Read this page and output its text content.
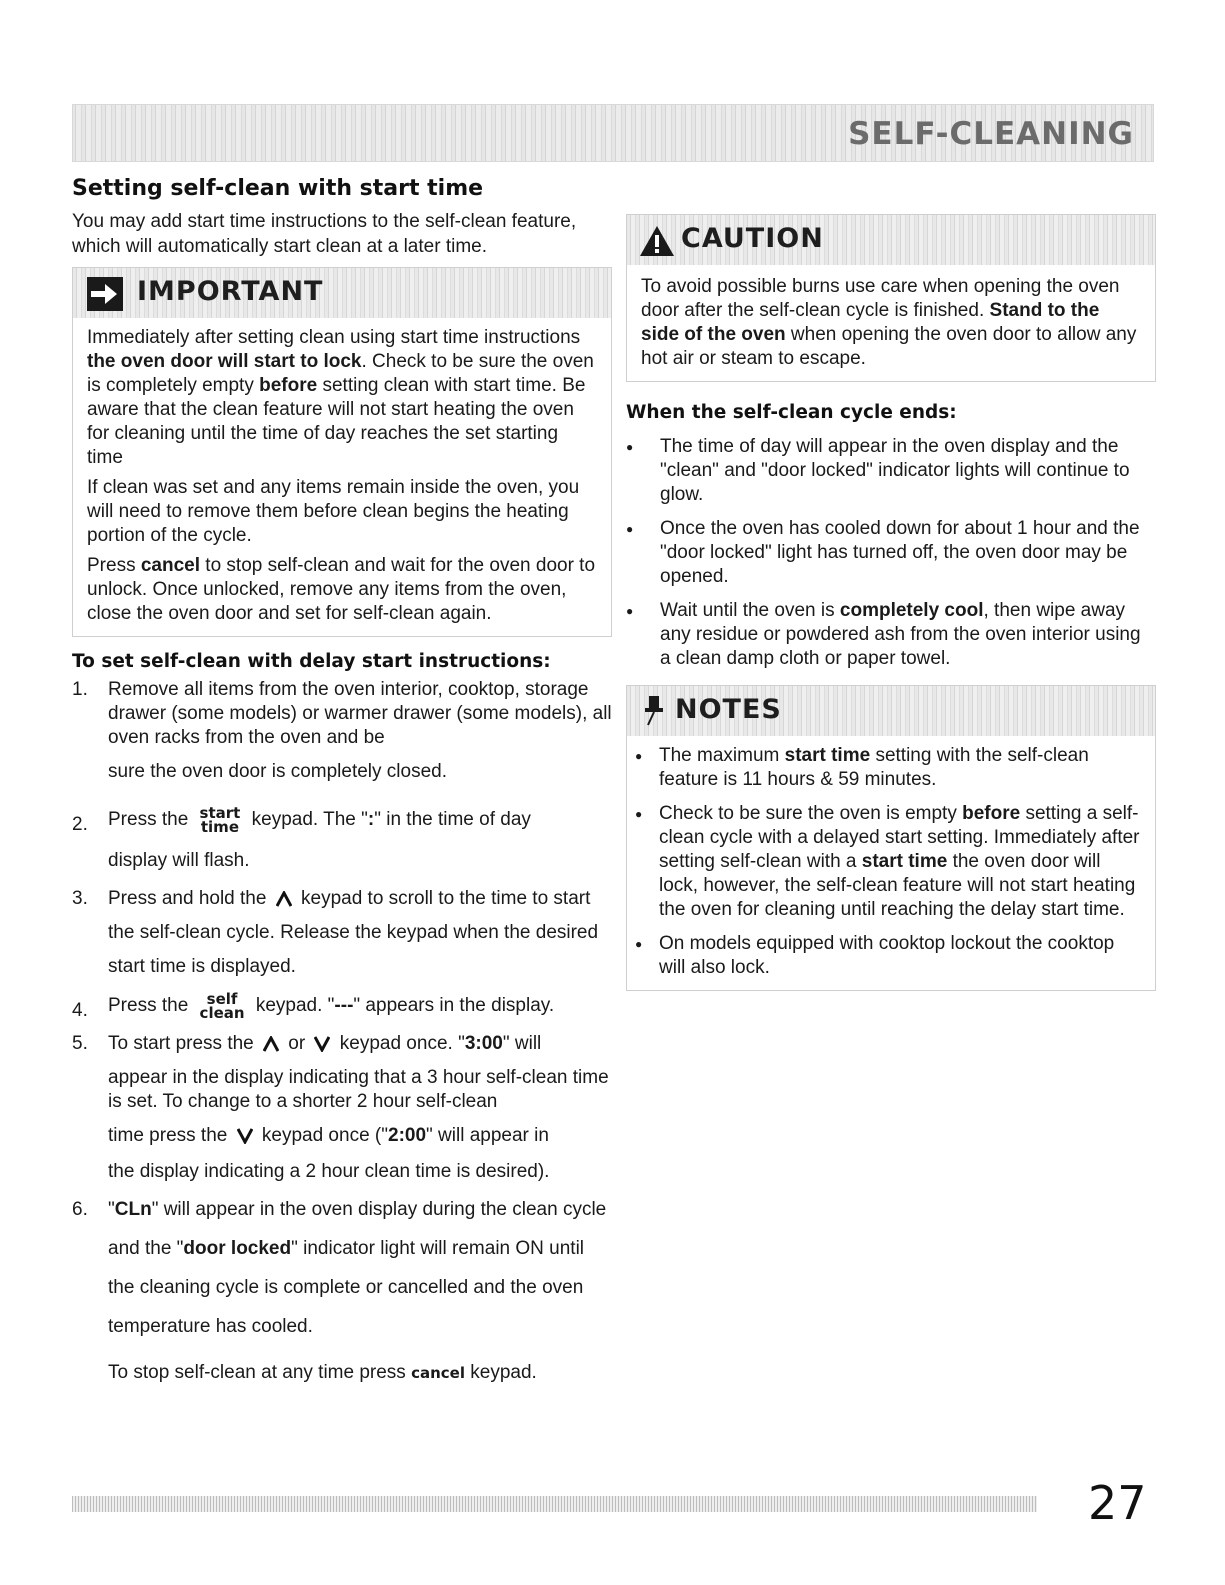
SELF-CLEANING
Setting self-clean with start time

You may add start time instructions to the self-clean feature, which will automatically start clean at a later time.

IMPORTANT

Immediately after setting clean using start time instructions the oven door will start to lock. Check to be sure the oven is completely empty before setting clean with start time. Be aware that the clean feature will not start heating the oven for cleaning until the time of day reaches the set starting time

If clean was set and any items remain inside the oven, you will need to remove them before clean begins the heating portion of the cycle.

Press cancel to stop self-clean and wait for the oven door to unlock. Once unlocked, remove any items from the oven, close the oven door and set for self-clean again.

To set self-clean with delay start instructions:
1. Remove all items from the oven interior, cooktop, storage drawer (some models) or warmer drawer (some models), all oven racks from the oven and be
sure the oven door is completely closed.
2. Press the start
time keypad. The ":" in the time of day
display will flash.
3. Press and hold the keypad to scroll to the time to start the self-clean cycle. Release the keypad when the desired start time is displayed.
4. Press the self
clean keypad. "---" appears in the display.
5. To start press the or keypad once. "3:00" will
appear in the display indicating that a 3 hour self-clean time is set. To change to a shorter 2 hour self-clean
time press the keypad once ("2:00" will appear in
the display indicating a 2 hour clean time is desired).
6. "CLn" will appear in the oven display during the clean cycle and the "door locked" indicator light will remain ON until the cleaning cycle is complete or cancelled and the oven temperature has cooled.
To stop self-clean at any time press cancel keypad.
CAUTION

To avoid possible burns use care when opening the oven door after the self-clean cycle is finished. Stand to the side of the oven when opening the oven door to allow any hot air or steam to escape.

When the self-clean cycle ends:
● The time of day will appear in the oven display and the "clean" and "door locked" indicator lights will continue to glow.
● Once the oven has cooled down for about 1 hour and the "door locked" light has turned off, the oven door may be opened.
● Wait until the oven is completely cool, then wipe away any residue or powdered ash from the oven interior using a clean damp cloth or paper towel.
NOTES
● The maximum start time setting with the self-clean feature is 11 hours & 59 minutes.
● Check to be sure the oven is empty before setting a self-clean cycle with a delayed start setting. Immediately after setting self-clean with a start time the oven door will lock, however, the self-clean feature will not start heating the oven for cleaning until reaching the delay start time.
● On models equipped with cooktop lockout the cooktop will also lock.
27
